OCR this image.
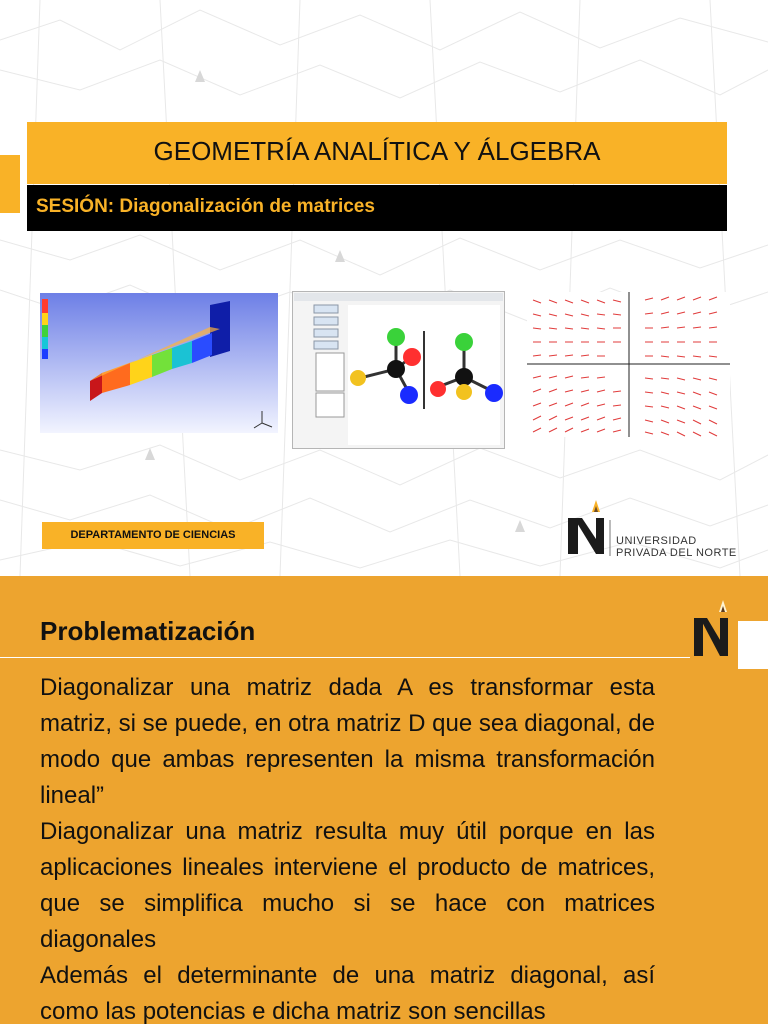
GEOMETRÍA ANALÍTICA Y ÁLGEBRA
SESIÓN: Diagonalización de matrices
DEPARTAMENTO DE CIENCIAS	UNIVERSIDAD
PRIVADA DEL NORTE
Problematización

Diagonalizar una matriz dada A es transformar esta matriz, si se puede, en otra matriz D que sea diagonal, de modo que ambas representen la misma transformación lineal”

Diagonalizar una matriz resulta muy útil porque en las aplicaciones lineales interviene el producto de matrices, que se simplifica mucho si se hace con matrices diagonales

Además el determinante de una matriz diagonal, así como las potencias e dicha matriz son sencillas
